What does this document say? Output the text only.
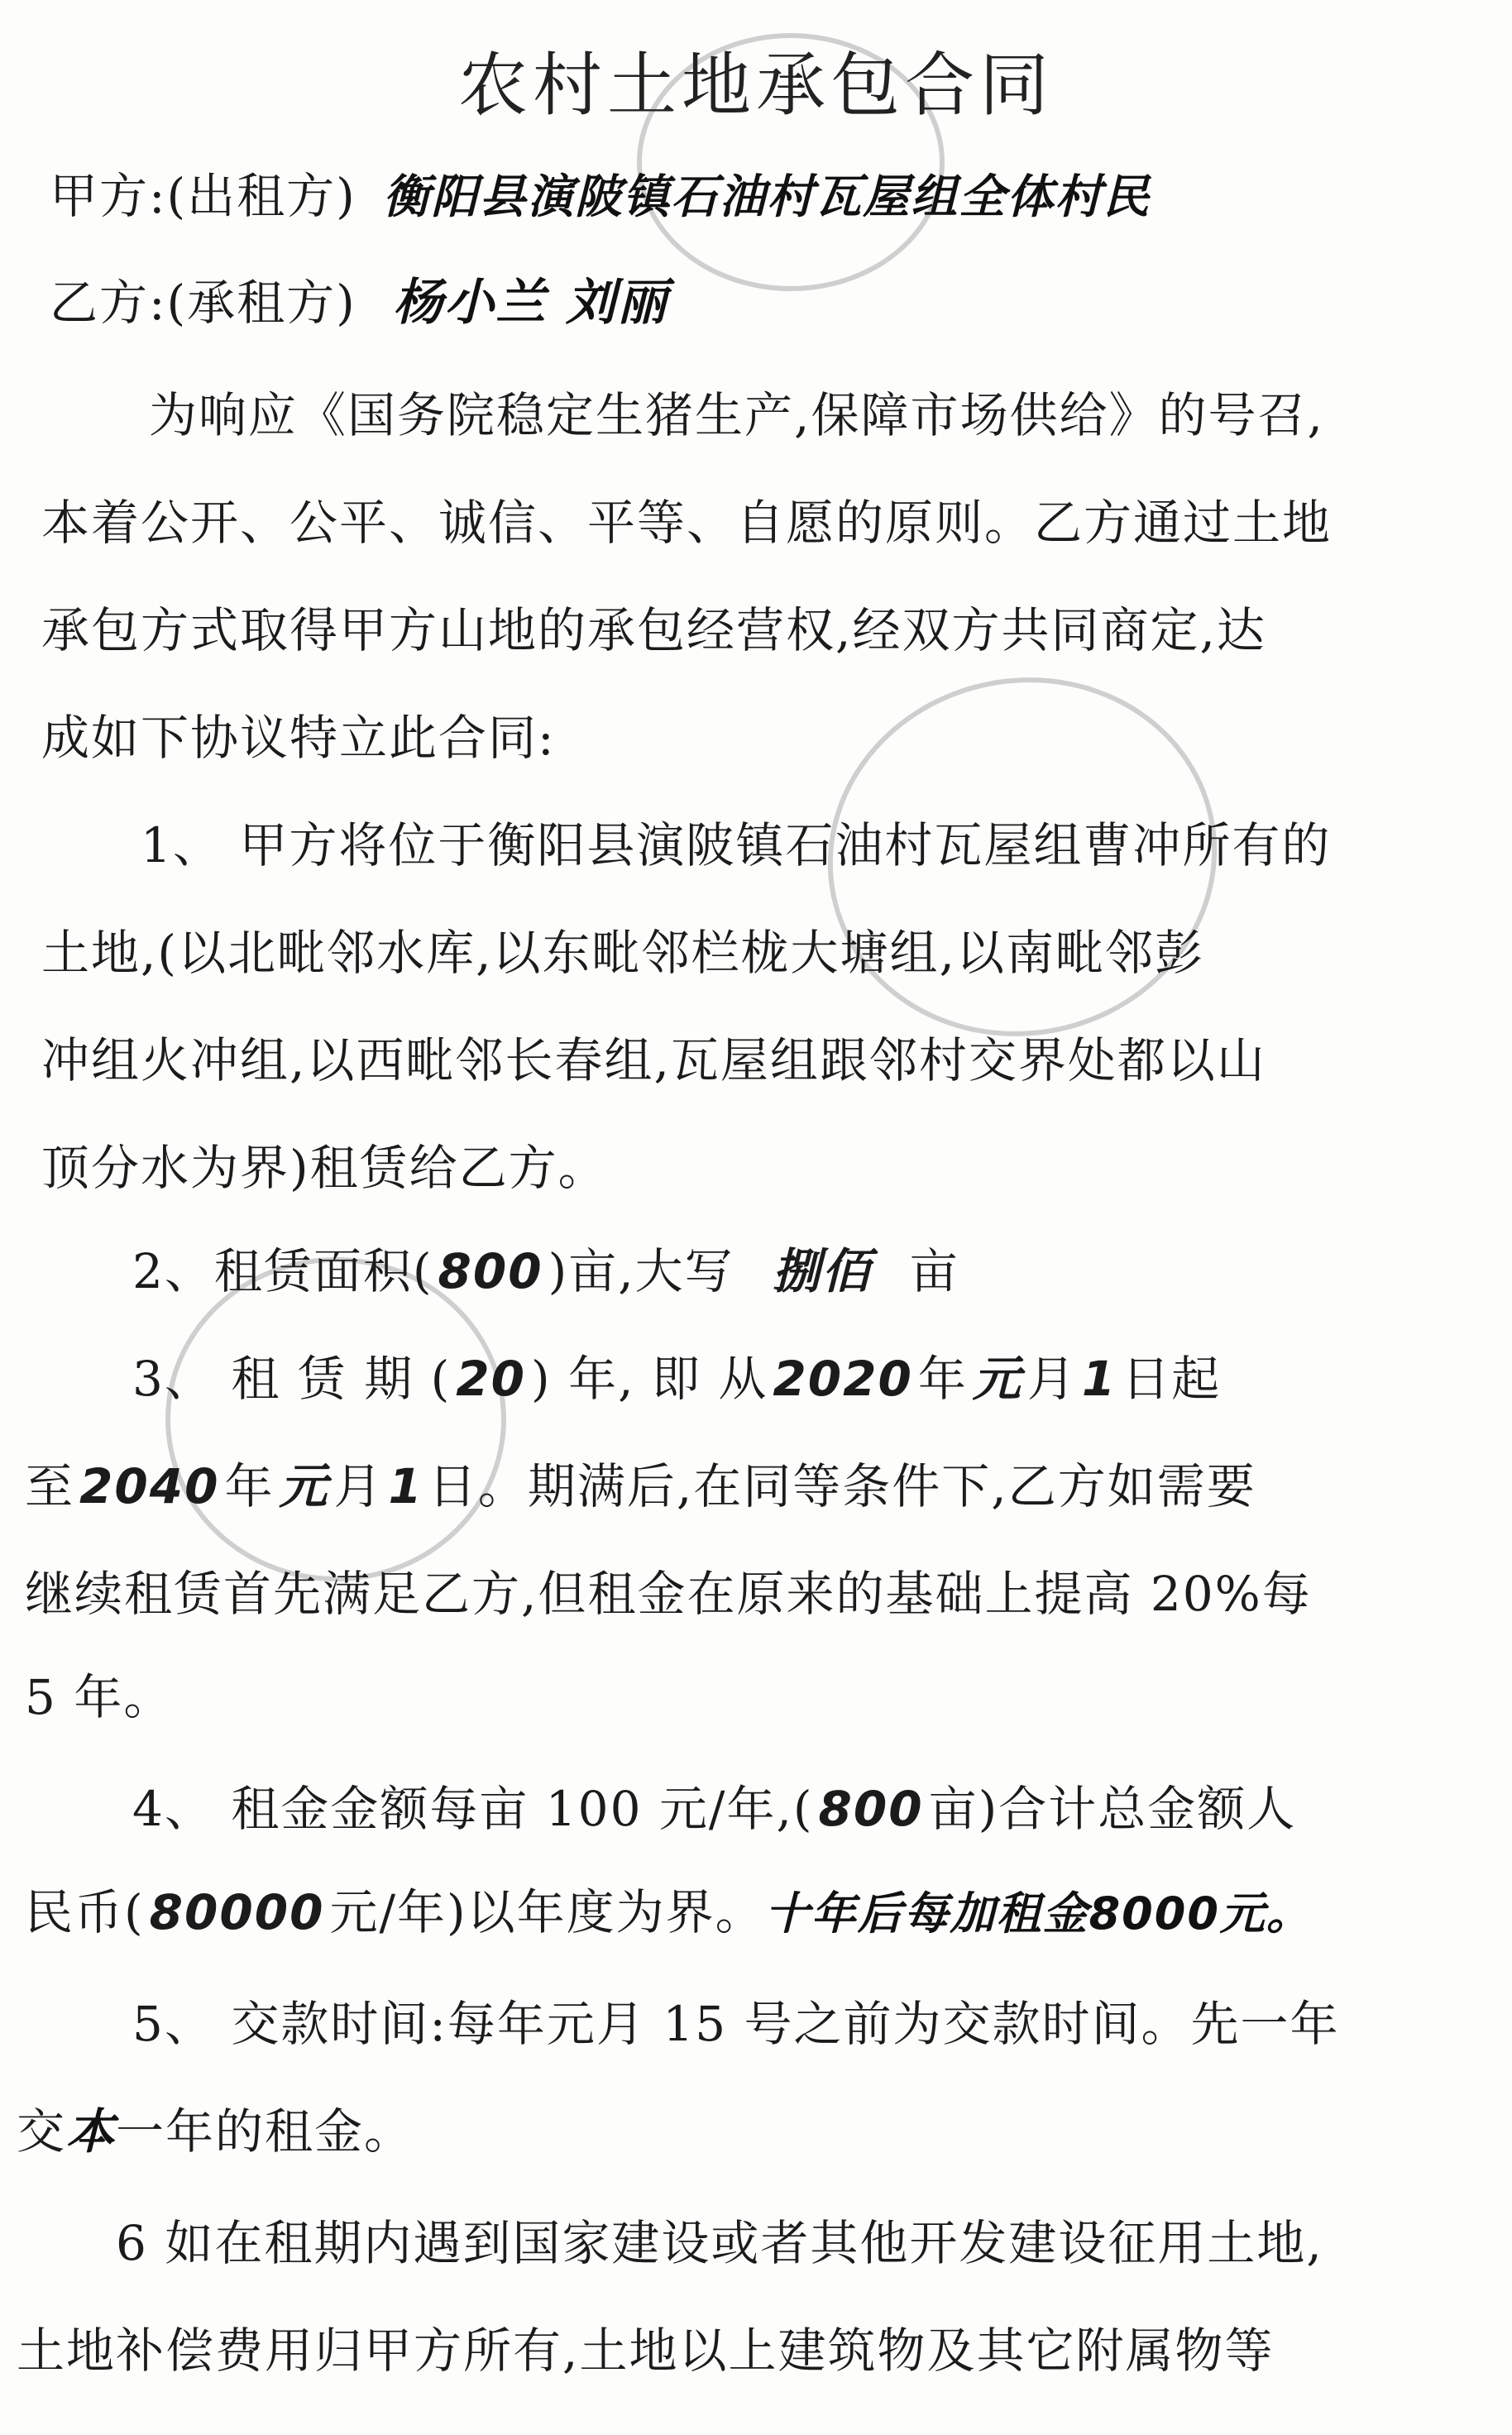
农村土地承包合同
甲方:(出租方) 衡阳县演陂镇石油村瓦屋组全体村民
乙方:(承租方) 杨小兰 刘丽
为响应《国务院稳定生猪生产,保障市场供给》的号召,
本着公开、公平、诚信、平等、自愿的原则。乙方通过土地
承包方式取得甲方山地的承包经营权,经双方共同商定,达
成如下协议特立此合同:
1、 甲方将位于衡阳县演陂镇石油村瓦屋组曹冲所有的
土地,(以北毗邻水库,以东毗邻栏栊大塘组,以南毗邻彭
冲组火冲组,以西毗邻长春组,瓦屋组跟邻村交界处都以山
顶分水为界)租赁给乙方。
2、租赁面积( 800 )亩,大写 捌佰 亩
3、 租 赁 期 ( 20 ) 年, 即 从 2020 年 元 月 1 日起
至 2040 年 元 月 1 日。期满后,在同等条件下,乙方如需要
继续租赁首先满足乙方,但租金在原来的基础上提高 20%每
5 年。
4、 租金金额每亩 100 元/年,( 800 亩)合计总金额人
民币( 80000 元/年)以年度为界。十年后每加租金8000元。
5、 交款时间:每年元月 15 号之前为交款时间。先一年
交本一年的租金。
6 如在租期内遇到国家建设或者其他开发建设征用土地,
土地补偿费用归甲方所有,土地以上建筑物及其它附属物等
